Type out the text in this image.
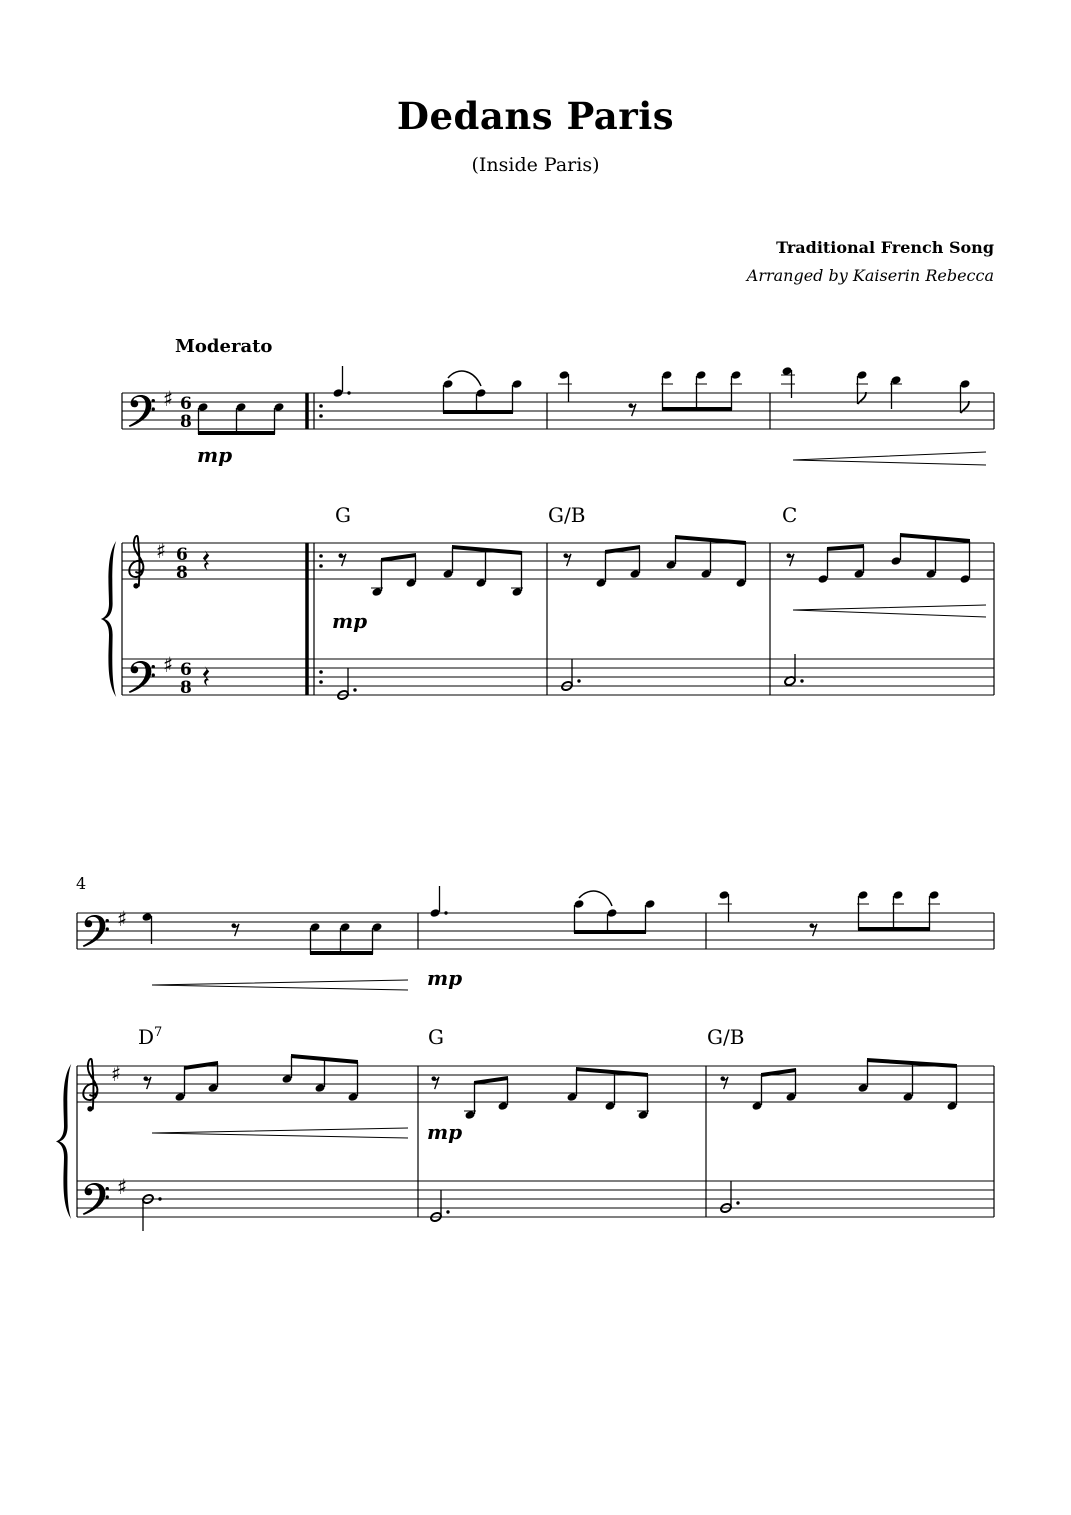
Dedans Paris
(Inside Paris)
Traditional French Song
Arranged by Kaiserin Rebecca
Moderato
♯ 6
8
mp
G	G/B	C
♯ 6
8
♯ 6
8
mp
4
♯
mp
$D^7$	G	G/B
♯
♯
mp
